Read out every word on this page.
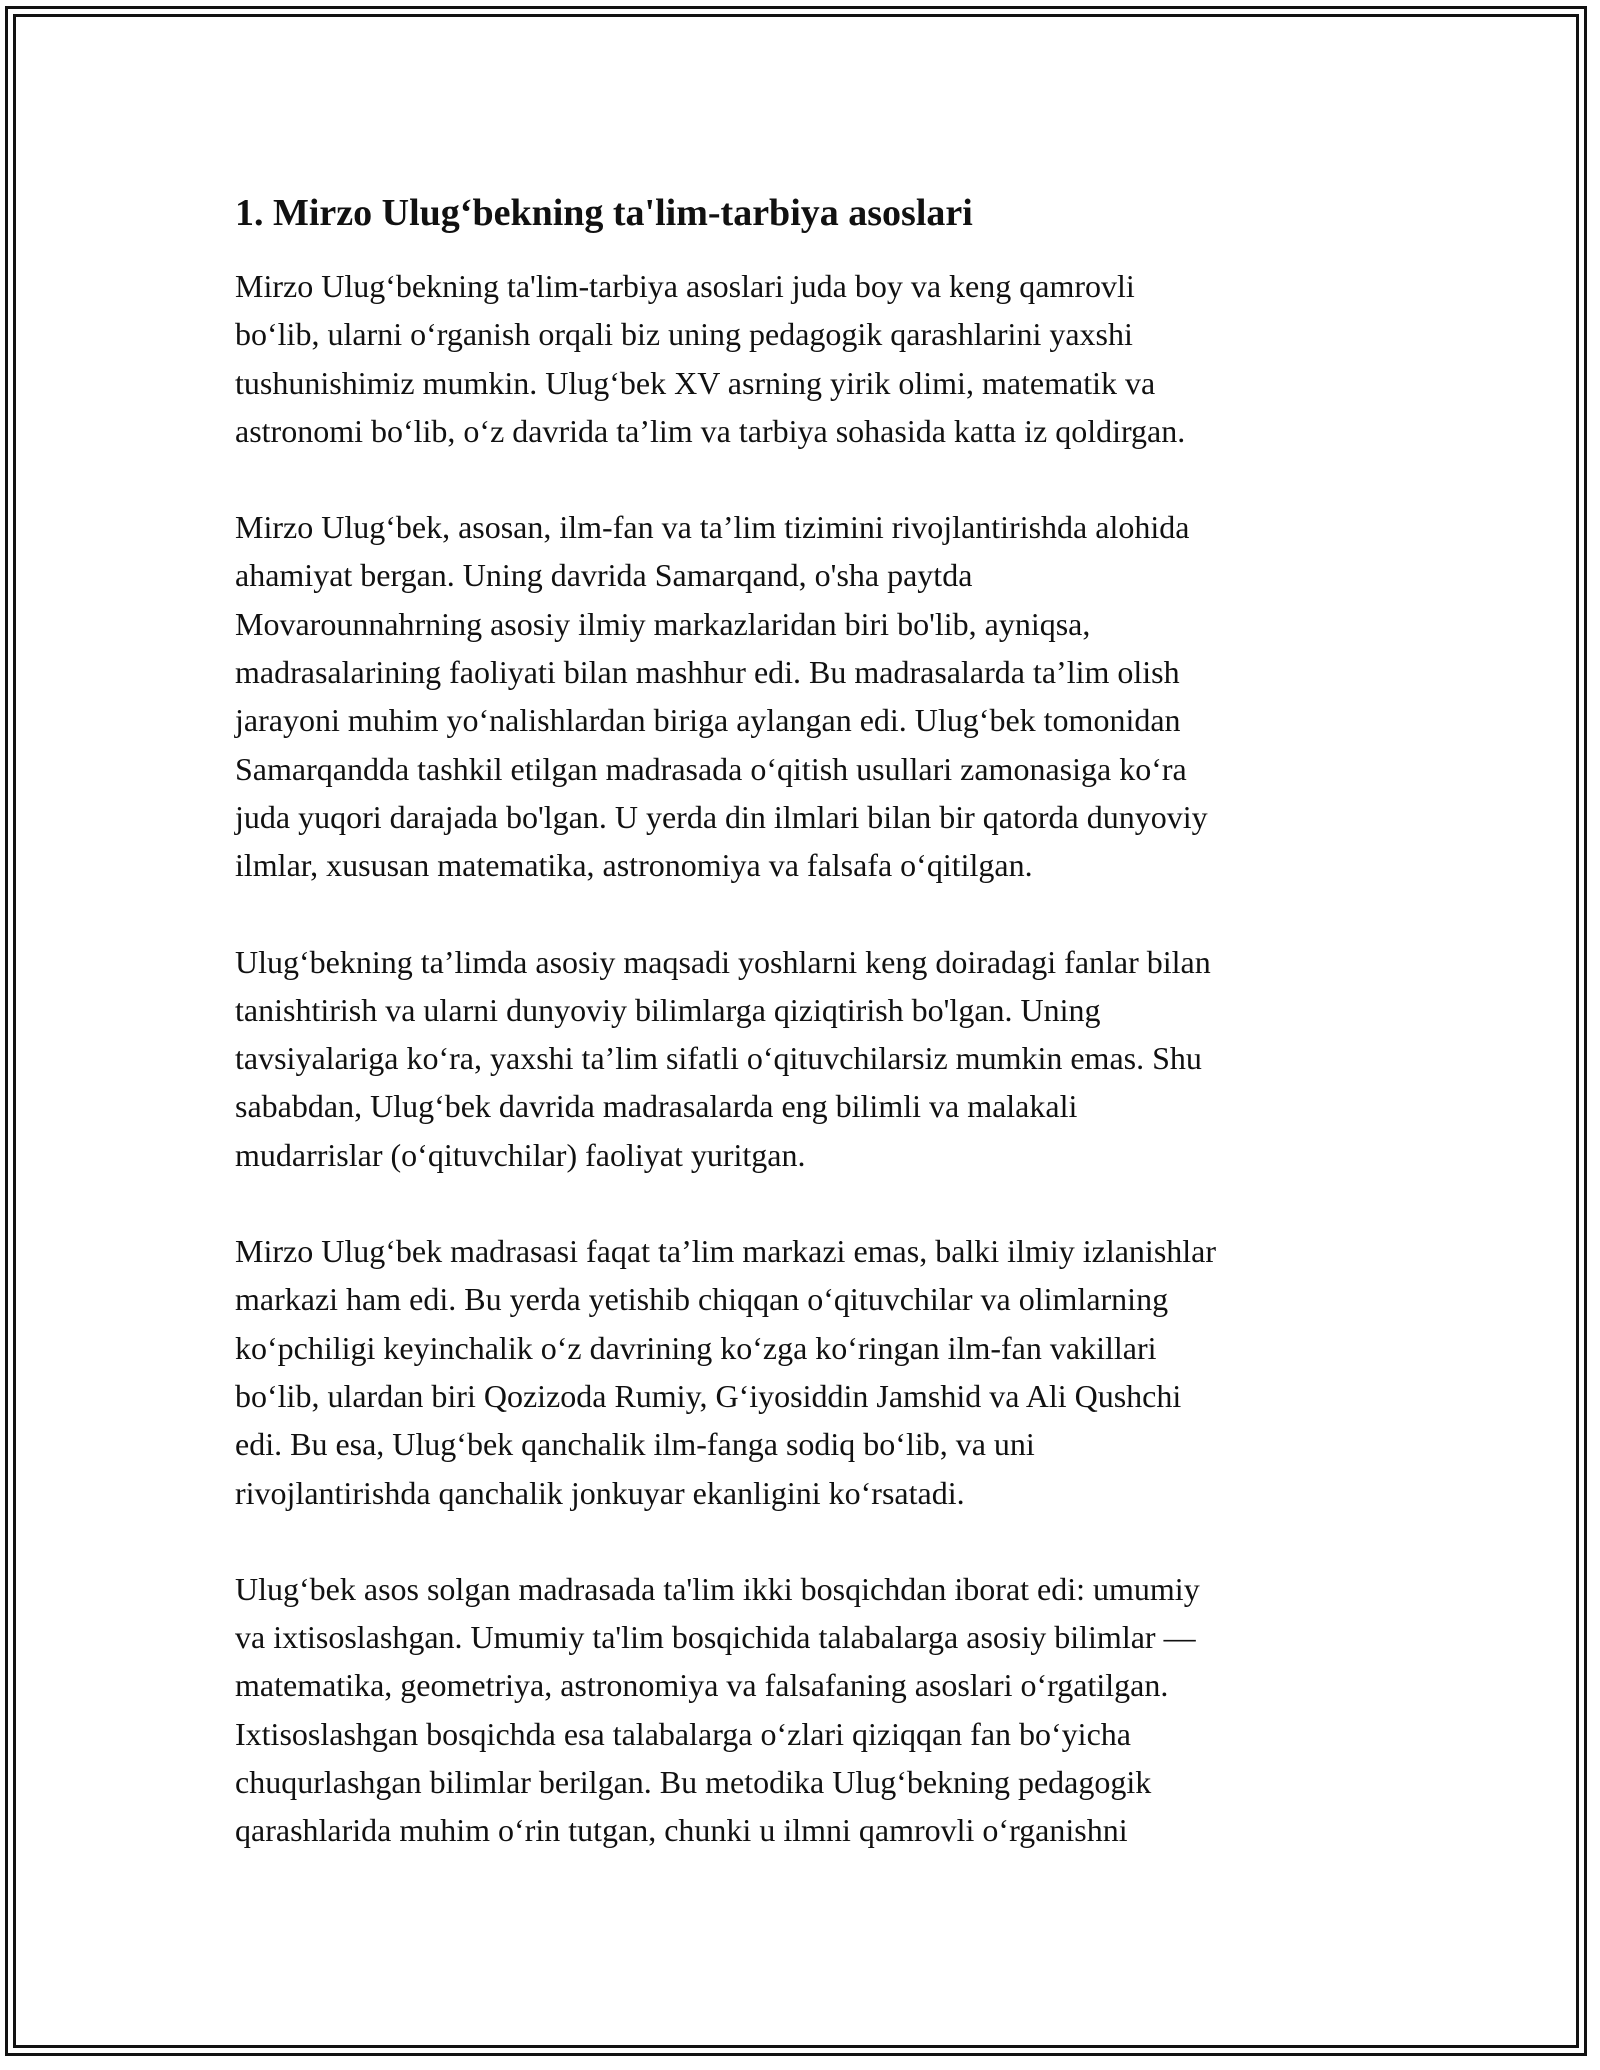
1. Mirzo Ulug‘bekning ta'lim-tarbiya asoslari

Mirzo Ulug‘bekning ta'lim-tarbiya asoslari juda boy va keng qamrovli
bo‘lib, ularni o‘rganish orqali biz uning pedagogik qarashlarini yaxshi
tushunishimiz mumkin. Ulug‘bek XV asrning yirik olimi, matematik va
astronomi bo‘lib, o‘z davrida ta’lim va tarbiya sohasida katta iz qoldirgan.

Mirzo Ulug‘bek, asosan, ilm-fan va ta’lim tizimini rivojlantirishda alohida
ahamiyat bergan. Uning davrida Samarqand, o'sha paytda
Movarounnahrning asosiy ilmiy markazlaridan biri bo'lib, ayniqsa,
madrasalarining faoliyati bilan mashhur edi. Bu madrasalarda ta’lim olish
jarayoni muhim yo‘nalishlardan biriga aylangan edi. Ulug‘bek tomonidan
Samarqandda tashkil etilgan madrasada o‘qitish usullari zamonasiga ko‘ra
juda yuqori darajada bo'lgan. U yerda din ilmlari bilan bir qatorda dunyoviy
ilmlar, xususan matematika, astronomiya va falsafa o‘qitilgan.

Ulug‘bekning ta’limda asosiy maqsadi yoshlarni keng doiradagi fanlar bilan
tanishtirish va ularni dunyoviy bilimlarga qiziqtirish bo'lgan. Uning
tavsiyalariga ko‘ra, yaxshi ta’lim sifatli o‘qituvchilarsiz mumkin emas. Shu
sababdan, Ulug‘bek davrida madrasalarda eng bilimli va malakali
mudarrislar (o‘qituvchilar) faoliyat yuritgan.

Mirzo Ulug‘bek madrasasi faqat ta’lim markazi emas, balki ilmiy izlanishlar
markazi ham edi. Bu yerda yetishib chiqqan o‘qituvchilar va olimlarning
ko‘pchiligi keyinchalik o‘z davrining ko‘zga ko‘ringan ilm-fan vakillari
bo‘lib, ulardan biri Qozizoda Rumiy, G‘iyosiddin Jamshid va Ali Qushchi
edi. Bu esa, Ulug‘bek qanchalik ilm-fanga sodiq bo‘lib, va uni
rivojlantirishda qanchalik jonkuyar ekanligini ko‘rsatadi.

Ulug‘bek asos solgan madrasada ta'lim ikki bosqichdan iborat edi: umumiy
va ixtisoslashgan. Umumiy ta'lim bosqichida talabalarga asosiy bilimlar —
matematika, geometriya, astronomiya va falsafaning asoslari o‘rgatilgan.
Ixtisoslashgan bosqichda esa talabalarga o‘zlari qiziqqan fan bo‘yicha
chuqurlashgan bilimlar berilgan. Bu metodika Ulug‘bekning pedagogik
qarashlarida muhim o‘rin tutgan, chunki u ilmni qamrovli o‘rganishni
